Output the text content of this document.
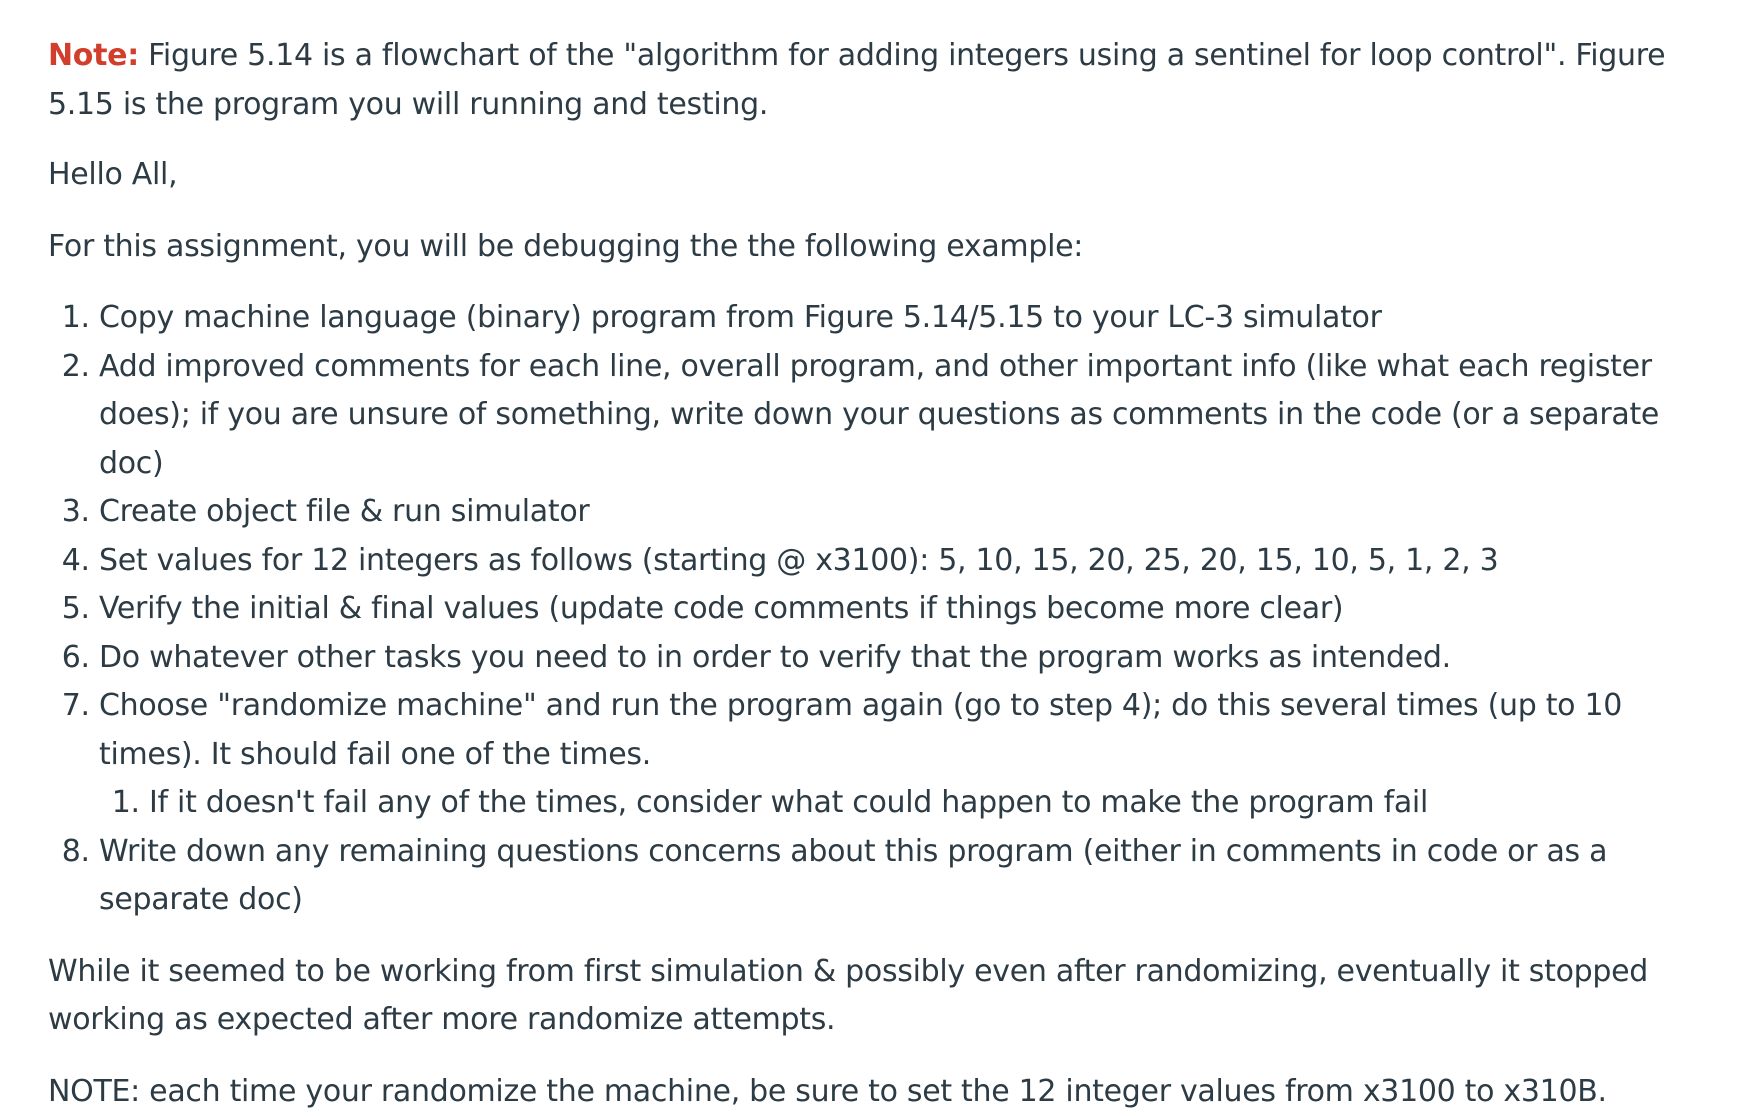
Note: Figure 5.14 is a flowchart of the "algorithm for adding integers using a sentinel for loop control". Figure 5.15 is the program you will running and testing.

Hello All,

For this assignment, you will be debugging the the following example:

1. Copy machine language (binary) program from Figure 5.14/5.15 to your LC-3 simulator
2. Add improved comments for each line, overall program, and other important info (like what each register does); if you are unsure of something, write down your questions as comments in the code (or a separate doc)
3. Create object file & run simulator
4. Set values for 12 integers as follows (starting @ x3100): 5, 10, 15, 20, 25, 20, 15, 10, 5, 1, 2, 3
5. Verify the initial & final values (update code comments if things become more clear)
6. Do whatever other tasks you need to in order to verify that the program works as intended.
7. Choose "randomize machine" and run the program again (go to step 4); do this several times (up to 10 times). It should fail one of the times.
1. If it doesn't fail any of the times, consider what could happen to make the program fail
8. Write down any remaining questions concerns about this program (either in comments in code or as a separate doc)

While it seemed to be working from first simulation & possibly even after randomizing, eventually it stopped working as expected after more randomize attempts.

NOTE: each time your randomize the machine, be sure to set the 12 integer values from x3100 to x310B.
